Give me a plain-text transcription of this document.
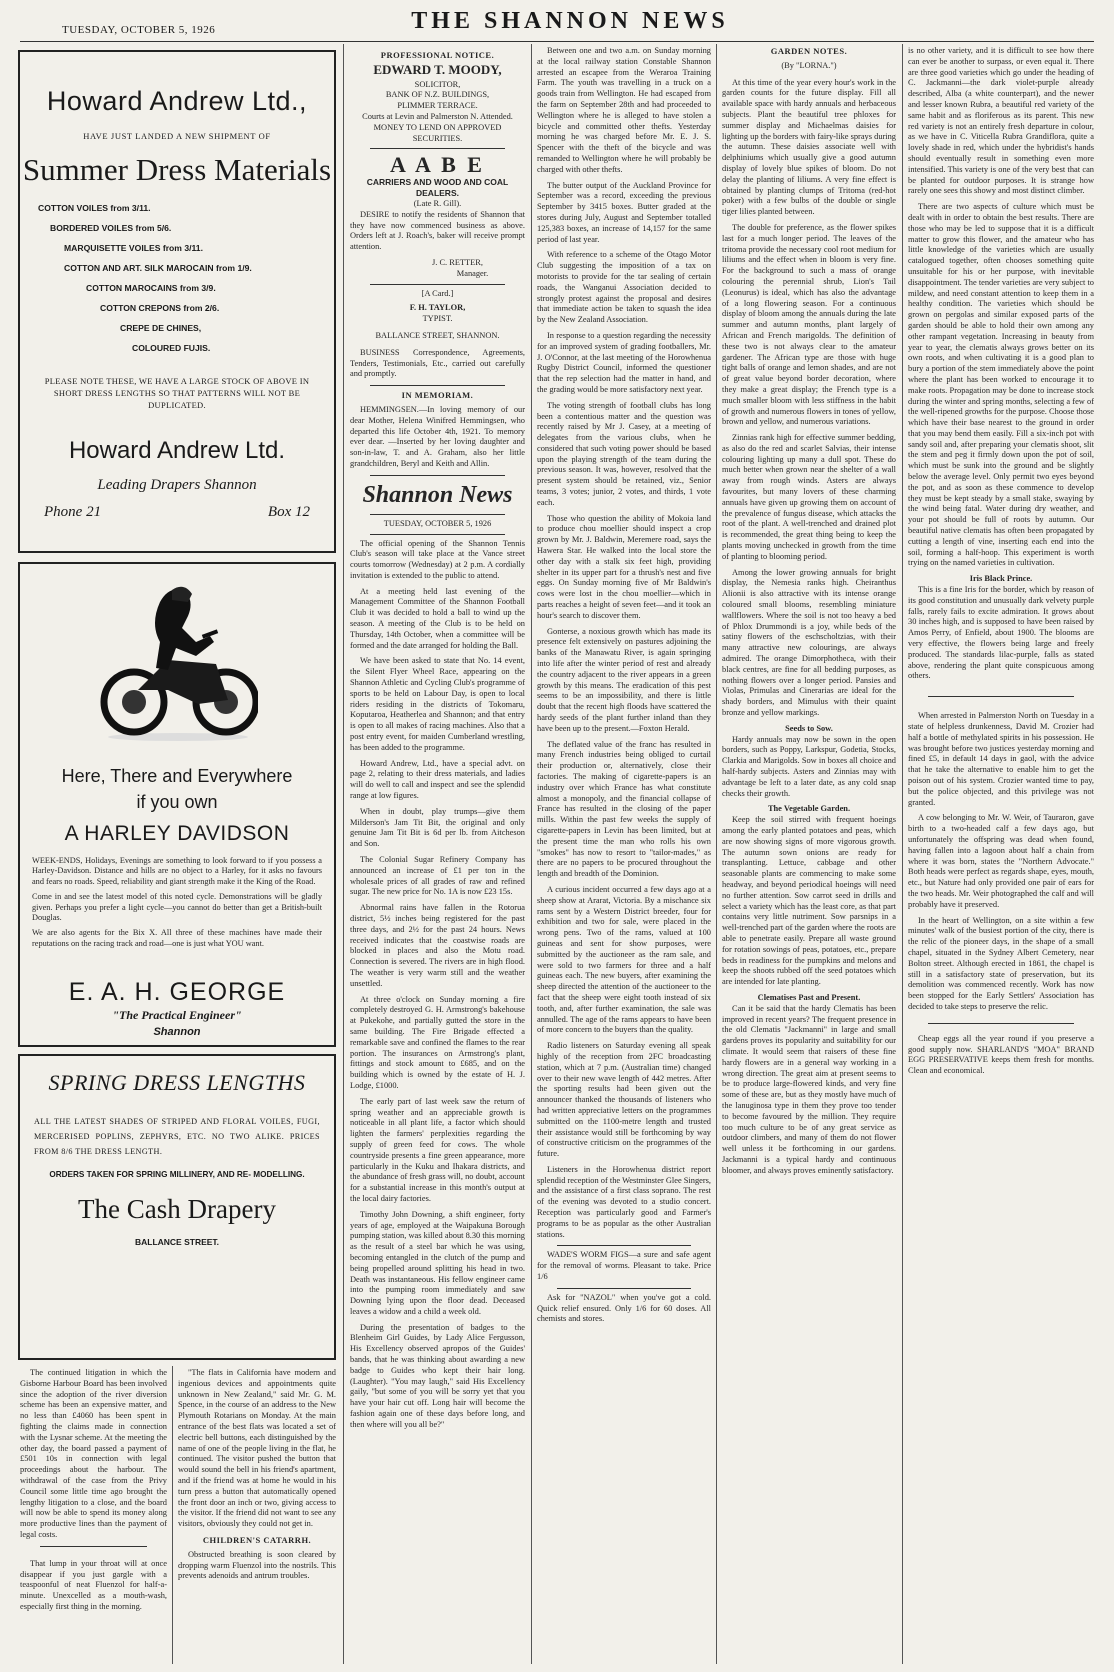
TUESDAY, OCTOBER 5, 1926	THE SHANNON NEWS
Howard Andrew Ltd.,
HAVE JUST LANDED A NEW SHIPMENT OF
Summer Dress Materials
COTTON VOILES from 3/11.
BORDERED VOILES from 5/6.
MARQUISETTE VOILES from 3/11.
COTTON AND ART. SILK MAROCAIN from 1/9.
COTTON MAROCAINS from 3/9.
COTTON CREPONS from 2/6.
CREPE DE CHINES,
COLOURED FUJIS.
PLEASE NOTE THESE, WE HAVE A LARGE STOCK OF ABOVE IN SHORT DRESS LENGTHS SO THAT PATTERNS WILL NOT BE DUPLICATED.
Howard Andrew Ltd.
Leading Drapers Shannon
Phone 21	Box 12
Here, There and Everywhere
if you own
A HARLEY DAVIDSON

WEEK-ENDS, Holidays, Evenings are something to look forward to if you possess a Harley-Davidson. Distance and hills are no object to a Harley, for it asks no favours and fears no roads. Speed, reliability and giant strength make it the King of the Road.

Come in and see the latest model of this noted cycle. Demonstrations will be gladly given. Perhaps you prefer a light cycle—you cannot do better than get a British-built Douglas.

We are also agents for the Bix X. All three of these machines have made their reputations on the racing track and road—one is just what YOU want.

E. A. H. GEORGE
"The Practical Engineer"
Shannon
SPRING DRESS LENGTHS
ALL THE LATEST SHADES OF STRIPED AND FLORAL VOILES, FUGI, MERCERISED POPLINS, ZEPHYRS, ETC. NO TWO ALIKE. PRICES FROM 8/6 THE DRESS LENGTH.
ORDERS TAKEN FOR SPRING MILLINERY, AND RE- MODELLING.
The Cash Drapery
BALLANCE STREET.

The continued litigation in which the Gisborne Harbour Board has been involved since the adoption of the river diversion scheme has been an expensive matter, and no less than £4060 has been spent in fighting the claims made in connection with the Lysnar scheme. At the meeting the other day, the board passed a payment of £501 10s in connection with legal proceedings about the harbour. The withdrawal of the case from the Privy Council some little time ago brought the lengthy litigation to a close, and the board will now be able to spend its money along more productive lines than the payment of legal costs.

That lump in your throat will at once disappear if you just gargle with a teaspoonful of neat Fluenzol for half-a-minute. Unexcelled as a mouth-wash, especially first thing in the morning.

"The flats in California have modern and ingenious devices and appointments quite unknown in New Zealand," said Mr. G. M. Spence, in the course of an address to the New Plymouth Rotarians on Monday. At the main entrance of the best flats was located a set of electric bell buttons, each distinguished by the name of one of the people living in the flat, he continued. The visitor pushed the button that would sound the bell in his friend's apartment, and if the friend was at home he would in his turn press a button that automatically opened the front door an inch or two, giving access to the visitor. If the friend did not want to see any visitors, obviously they could not get in.

CHILDREN'S CATARRH.

Obstructed breathing is soon cleared by dropping warm Fluenzol into the nostrils. This prevents adenoids and antrum troubles.

PROFESSIONAL NOTICE.
EDWARD T. MOODY,
SOLICITOR,
BANK OF N.Z. BUILDINGS,
PLIMMER TERRACE.
Courts at Levin and Palmerston N. Attended.
MONEY TO LEND ON APPROVED SECURITIES.
A A B E
CARRIERS AND WOOD AND COAL DEALERS.
(Late R. Gill).

DESIRE to notify the residents of Shannon that they have now commenced business as above. Orders left at J. Roach's, baker will receive prompt attention.

J. C. RETTER,
Manager.
[A Card.]
F. H. TAYLOR,
TYPIST.
BALLANCE STREET, SHANNON.

BUSINESS Correspondence, Agreements, Tenders, Testimonials, Etc., carried out carefully and promptly.

IN MEMORIAM.

HEMMINGSEN.—In loving memory of our dear Mother, Helena Winifred Hemmingsen, who departed this life October 4th, 1921. To memory ever dear. —Inserted by her loving daughter and son-in-law, T. and A. Graham, also her little grandchildren, Beryl and Keith and Allin.

Shannon News
TUESDAY, OCTOBER 5, 1926

The official opening of the Shannon Tennis Club's season will take place at the Vance street courts tomorrow (Wednesday) at 2 p.m. A cordially invitation is extended to the public to attend.

At a meeting held last evening of the Management Committee of the Shannon Football Club it was decided to hold a ball to wind up the season. A meeting of the Club is to be held on Thursday, 14th October, when a committee will be formed and the date arranged for holding the Ball.

We have been asked to state that No. 14 event, the Silent Flyer Wheel Race, appearing on the Shannon Athletic and Cycling Club's programme of sports to be held on Labour Day, is open to local riders residing in the districts of Tokomaru, Koputaroa, Heatherlea and Shannon; and that entry is open to all makes of racing machines. Also that a post entry event, for maiden Cumberland wrestling, has been added to the programme.

Howard Andrew, Ltd., have a special advt. on page 2, relating to their dress materials, and ladies will do well to call and inspect and see the splendid range at low figures.

When in doubt, play trumps—give them Milderson's Jam Tit Bit, the original and only genuine Jam Tit Bit is 6d per lb. from Aitcheson and Son.

The Colonial Sugar Refinery Company has announced an increase of £1 per ton in the wholesale prices of all grades of raw and refined sugar. The new price for No. 1A is now £23 15s.

Abnormal rains have fallen in the Rotorua district, 5½ inches being registered for the past three days, and 2½ for the past 24 hours. News received indicates that the coastwise roads are blocked in places and also the Motu road. Connection is severed. The rivers are in high flood. The weather is very warm still and the weather unsettled.

At three o'clock on Sunday morning a fire completely destroyed G. H. Armstrong's bakehouse at Pukekohe, and partially gutted the store in the same building. The Fire Brigade effected a remarkable save and confined the flames to the rear portion. The insurances on Armstrong's plant, fittings and stock amount to £685, and on the building which is owned by the estate of H. J. Lodge, £1000.

The early part of last week saw the return of spring weather and an appreciable growth is noticeable in all plant life, a factor which should lighten the farmers' perplexities regarding the supply of green feed for cows. The whole countryside presents a fine green appearance, more particularly in the Kuku and Ihakara districts, and the abundance of fresh grass will, no doubt, account for a substantial increase in this month's output at the local dairy factories.

Timothy John Downing, a shift engineer, forty years of age, employed at the Waipakuna Borough pumping station, was killed about 8.30 this morning as the result of a steel bar which he was using, becoming entangled in the clutch of the pump and being propelled around splitting his head in two. Death was instantaneous. His fellow engineer came into the pumping room immediately and saw Downing lying upon the floor dead. Deceased leaves a widow and a child a week old.

During the presentation of badges to the Blenheim Girl Guides, by Lady Alice Fergusson, His Excellency observed apropos of the Guides' bands, that he was thinking about awarding a new badge to Guides who kept their hair long. (Laughter). "You may laugh," said His Excellency gaily, "but some of you will be sorry yet that you have your hair cut off. Long hair will become the fashion again one of these days before long, and then where will you all be?"

Between one and two a.m. on Sunday morning at the local railway station Constable Shannon arrested an escapee from the Weraroa Training Farm. The youth was travelling in a truck on a goods train from Wellington. He had escaped from the farm on September 28th and had proceeded to Wellington where he is alleged to have stolen a bicycle and committed other thefts. Yesterday morning he was charged before Mr. E. J. S. Spencer with the theft of the bicycle and was remanded to Wellington where he will probably be charged with other thefts.

The butter output of the Auckland Province for September was a record, exceeding the previous September by 3415 boxes. Butter graded at the stores during July, August and September totalled 125,383 boxes, an increase of 14,157 for the same period of last year.

With reference to a scheme of the Otago Motor Club suggesting the imposition of a tax on motorists to provide for the tar sealing of certain roads, the Wanganui Association decided to strongly protest against the proposal and desires that immediate action be taken to squash the idea by the New Zealand Association.

In response to a question regarding the necessity for an improved system of grading footballers, Mr. J. O'Connor, at the last meeting of the Horowhenua Rugby District Council, informed the questioner that the rep selection had the matter in hand, and the grading would be more satisfactory next year.

The voting strength of football clubs has long been a contentious matter and the question was recently raised by Mr J. Casey, at a meeting of delegates from the various clubs, when he considered that such voting power should be based upon the playing strength of the team during the previous season. It was, however, resolved that the present system should be retained, viz., Senior teams, 3 votes; junior, 2 votes, and thirds, 1 vote each.

Those who question the ability of Mokoia land to produce chou moellier should inspect a crop grown by Mr. J. Baldwin, Meremere road, says the Hawera Star. He walked into the local store the other day with a stalk six feet high, providing shelter in its upper part for a thrush's nest and five eggs. On Sunday morning five of Mr Baldwin's cows were lost in the chou moellier—which in parts reaches a height of seven feet—and it took an hour's search to discover them.

Gonterse, a noxious growth which has made its presence felt extensively on pastures adjoining the banks of the Manawatu River, is again springing into life after the winter period of rest and already the country adjacent to the river appears in a green growth by this means. The eradication of this pest seems to be an impossibility, and there is little doubt that the recent high floods have scattered the hardy seeds of the plant further inland than they have been up to the present.—Foxton Herald.

The deflated value of the franc has resulted in many French industries being obliged to curtail their production or, alternatively, close their factories. The making of cigarette-papers is an industry over which France has what constitute almost a monopoly, and the financial collapse of France has resulted in the closing of the paper mills. Within the past few weeks the supply of cigarette-papers in Levin has been limited, but at the present time the man who rolls his own "smokes" has now to resort to "tailor-mades," as there are no papers to be procured throughout the length and breadth of the Dominion.

A curious incident occurred a few days ago at a sheep show at Ararat, Victoria. By a mischance six rams sent by a Western District breeder, four for exhibition and two for sale, were placed in the wrong pens. Two of the rams, valued at 100 guineas and sent for show purposes, were submitted by the auctioneer as the ram sale, and were sold to two farmers for three and a half guineas each. The new buyers, after examining the sheep directed the attention of the auctioneer to the fact that the sheep were eight tooth instead of six tooth, and, after further examination, the sale was annulled. The age of the rams appears to have been of more concern to the buyers than the quality.

Radio listeners on Saturday evening all speak highly of the reception from 2FC broadcasting station, which at 7 p.m. (Australian time) changed over to their new wave length of 442 metres. After the sporting results had been given out the announcer thanked the thousands of listeners who had written appreciative letters on the programmes submitted on the 1100-metre length and trusted their assistance would still be forthcoming by way of constructive criticism on the programmes of the future.

Listeners in the Horowhenua district report splendid reception of the Westminster Glee Singers, and the assistance of a first class soprano. The rest of the evening was devoted to a studio concert. Reception was particularly good and Farmer's programs to be as popular as the other Australian stations.

WADE'S WORM FIGS—a sure and safe agent for the removal of worms. Pleasant to take. Price 1/6

Ask for "NAZOL" when you've got a cold. Quick relief ensured. Only 1/6 for 60 doses. All chemists and stores.

GARDEN NOTES.
(By "LORNA.")

At this time of the year every hour's work in the garden counts for the future display. Fill all available space with hardy annuals and herbaceous subjects. Plant the beautiful tree phloxes for summer display and Michaelmas daisies for lighting up the borders with fairy-like sprays during the autumn. These daisies associate well with delphiniums which usually give a good autumn display of lovely blue spikes of bloom. Do not delay the planting of liliums. A very fine effect is obtained by planting clumps of Tritoma (red-hot poker) with a few bulbs of the double or single tiger lilies planted between.

The double for preference, as the flower spikes last for a much longer period. The leaves of the tritoma provide the necessary cool root medium for liliums and the effect when in bloom is very fine. For the background to such a mass of orange colouring the perennial shrub, Lion's Tail (Leonurus) is ideal, which has also the advantage of a long flowering season. For a continuous display of bloom among the annuals during the late summer and autumn months, plant largely of African and French marigolds. The definition of these two is not always clear to the amateur gardener. The African type are those with huge tight balls of orange and lemon shades, and are not of great value beyond border decoration, where they make a great display; the French type is a much smaller bloom with less stiffness in the habit of growth and numerous flowers in tones of yellow, brown and yellow, and numerous variations.

Zinnias rank high for effective summer bedding, as also do the red and scarlet Salvias, their intense colouring lighting up many a dull spot. These do much better when grown near the shelter of a wall away from rough winds. Asters are always favourites, but many lovers of these charming annuals have given up growing them on account of the prevalence of fungus disease, which attacks the root of the plant. A well-trenched and drained plot is recommended, the great thing being to keep the plants moving unchecked in growth from the time of planting to blooming period.

Among the lower growing annuals for bright display, the Nemesia ranks high. Cheiranthus Alionii is also attractive with its intense orange coloured small blooms, resembling miniature wallflowers. Where the soil is not too heavy a bed of Phlox Drummondi is a joy, while beds of the satiny flowers of the eschscholtzias, with their many attractive new colourings, are always admired. The orange Dimorphotheca, with their black centres, are fine for all bedding purposes, as nothing flowers over a longer period. Pansies and Violas, Primulas and Cinerarias are ideal for the shady borders, and Mimulus with their quaint bronze and yellow markings.

Seeds to Sow.

Hardy annuals may now be sown in the open borders, such as Poppy, Larkspur, Godetia, Stocks, Clarkia and Marigolds. Sow in boxes all choice and half-hardy subjects. Asters and Zinnias may with advantage be left to a later date, as any cold snap checks their growth.

The Vegetable Garden.

Keep the soil stirred with frequent hoeings among the early planted potatoes and peas, which are now showing signs of more vigorous growth. The autumn sown onions are ready for transplanting. Lettuce, cabbage and other seasonable plants are commencing to make some headway, and beyond periodical hoeings will need no further attention. Sow carrot seed in drills and select a variety which has the least core, as that part contains very little nutriment. Sow parsnips in a well-trenched part of the garden where the roots are able to penetrate easily. Prepare all waste ground for rotation sowings of peas, potatoes, etc., prepare beds in readiness for the pumpkins and melons and keep the shoots rubbed off the seed potatoes which are intended for late planting.

Clematises Past and Present.

Can it be said that the hardy Clematis has been improved in recent years? The frequent presence in the old Clematis "Jackmanni" in large and small gardens proves its popularity and suitability for our climate. It would seem that raisers of these fine hardy flowers are in a general way working in a wrong direction. The great aim at present seems to be to produce large-flowered kinds, and very fine some of these are, but as they mostly have much of the lanuginosa type in them they prove too tender to become favoured by the million. They require too much culture to be of any great service as outdoor climbers, and many of them do not flower well unless it be forthcoming in our gardens. Jackmanni is a typical hardy and continuous bloomer, and always proves eminently satisfactory.

is no other variety, and it is difficult to see how there can ever be another to surpass, or even equal it. There are three good varieties which go under the heading of C. Jackmanni—the dark violet-purple already described, Alba (a white counterpart), and the newer and lesser known Rubra, a beautiful red variety of the same habit and as floriferous as its parent. This new red variety is not an entirely fresh departure in colour, as we have in C. Viticella Rubra Grandiflora, quite a lovely shade in red, which under the hybridist's hands should eventually result in something even more intensified. This variety is one of the very best that can be planted for outdoor purposes. It is strange how rarely one sees this showy and most distinct climber.

There are two aspects of culture which must be dealt with in order to obtain the best results. There are those who may be led to suppose that it is a difficult matter to grow this flower, and the amateur who has little knowledge of the varieties which are usually catalogued together, often chooses something quite unsuitable for his or her purpose, with inevitable disappointment. The tender varieties are very subject to mildew, and need constant attention to keep them in a healthy condition. The varieties which should be grown on pergolas and similar exposed parts of the garden should be able to hold their own among any other rampant vegetation. Increasing in beauty from year to year, the clematis always grows better on its own roots, and when cultivating it is a good plan to bury a portion of the stem immediately above the point where the plant has been worked to encourage it to make roots. Propagation may be done to increase stock during the winter and spring months, selecting a few of the well-ripened growths for the purpose. Choose those which have their base nearest to the ground in order that you may bend them easily. Fill a six-inch pot with sandy soil and, after preparing your clematis shoot, slit the stem and peg it firmly down upon the pot of soil, which must be sunk into the ground and be slightly below the average level. Only permit two eyes beyond the pot, and as soon as these commence to develop they must be kept steady by a small stake, swaying by the wind being fatal. Water during dry weather, and your pot should be full of roots by autumn. Our beautiful native clematis has often been propagated by cutting a length of vine, inserting each end into the soil, forming a half-hoop. This experiment is worth trying on the named varieties in cultivation.

Iris Black Prince.

This is a fine Iris for the border, which by reason of its good constitution and unusually dark velvety purple falls, rarely fails to excite admiration. It grows about 30 inches high, and is supposed to have been raised by Amos Perry, of Enfield, about 1900. The blooms are very effective, the flowers being large and freely produced. The standards lilac-purple, falls as stated above, rendering the plant quite conspicuous among others.

When arrested in Palmerston North on Tuesday in a state of helpless drunkenness, David M. Crozier had half a bottle of methylated spirits in his possession. He was brought before two justices yesterday morning and fined £5, in default 14 days in gaol, with the advice that he take the alternative to enable him to get the poison out of his system. Crozier wanted time to pay, but the police objected, and this privilege was not granted.

A cow belonging to Mr. W. Weir, of Tauraron, gave birth to a two-headed calf a few days ago, but unfortunately the offspring was dead when found, having fallen into a lagoon about half a chain from where it was born, states the "Northern Advocate." Both heads were perfect as regards shape, eyes, mouth, etc., but Nature had only provided one pair of ears for the two heads. Mr. Weir photographed the calf and will probably have it preserved.

In the heart of Wellington, on a site within a few minutes' walk of the busiest portion of the city, there is the relic of the pioneer days, in the shape of a small chapel, situated in the Sydney Albert Cemetery, near Bolton street. Although erected in 1861, the chapel is still in a satisfactory state of preservation, but its demolition was commenced recently. Work has now been stopped for the Early Settlers' Association has decided to take steps to preserve the relic.

Cheap eggs all the year round if you preserve a good supply now. SHARLAND'S "MOA" BRAND EGG PRESERVATIVE keeps them fresh for months. Clean and economical.
